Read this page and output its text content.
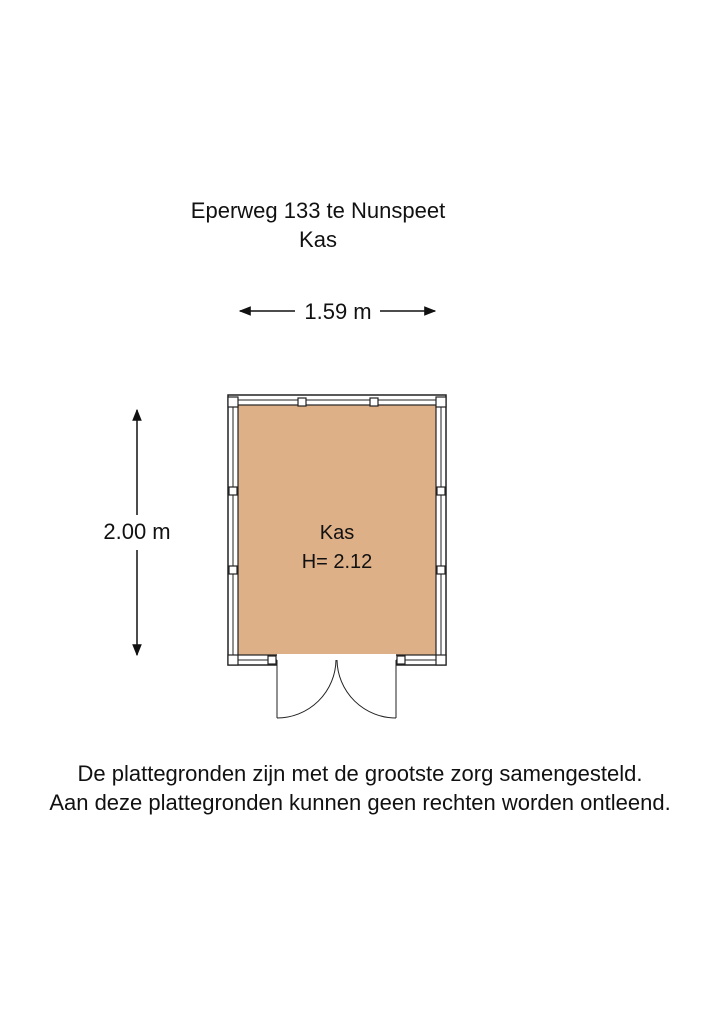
Eperweg 133 te Nunspeet
Kas
1.59 m
2.00 m	Kas
H= 2.12
De plattegronden zijn met de grootste zorg samengesteld.
Aan deze plattegronden kunnen geen rechten worden ontleend.
